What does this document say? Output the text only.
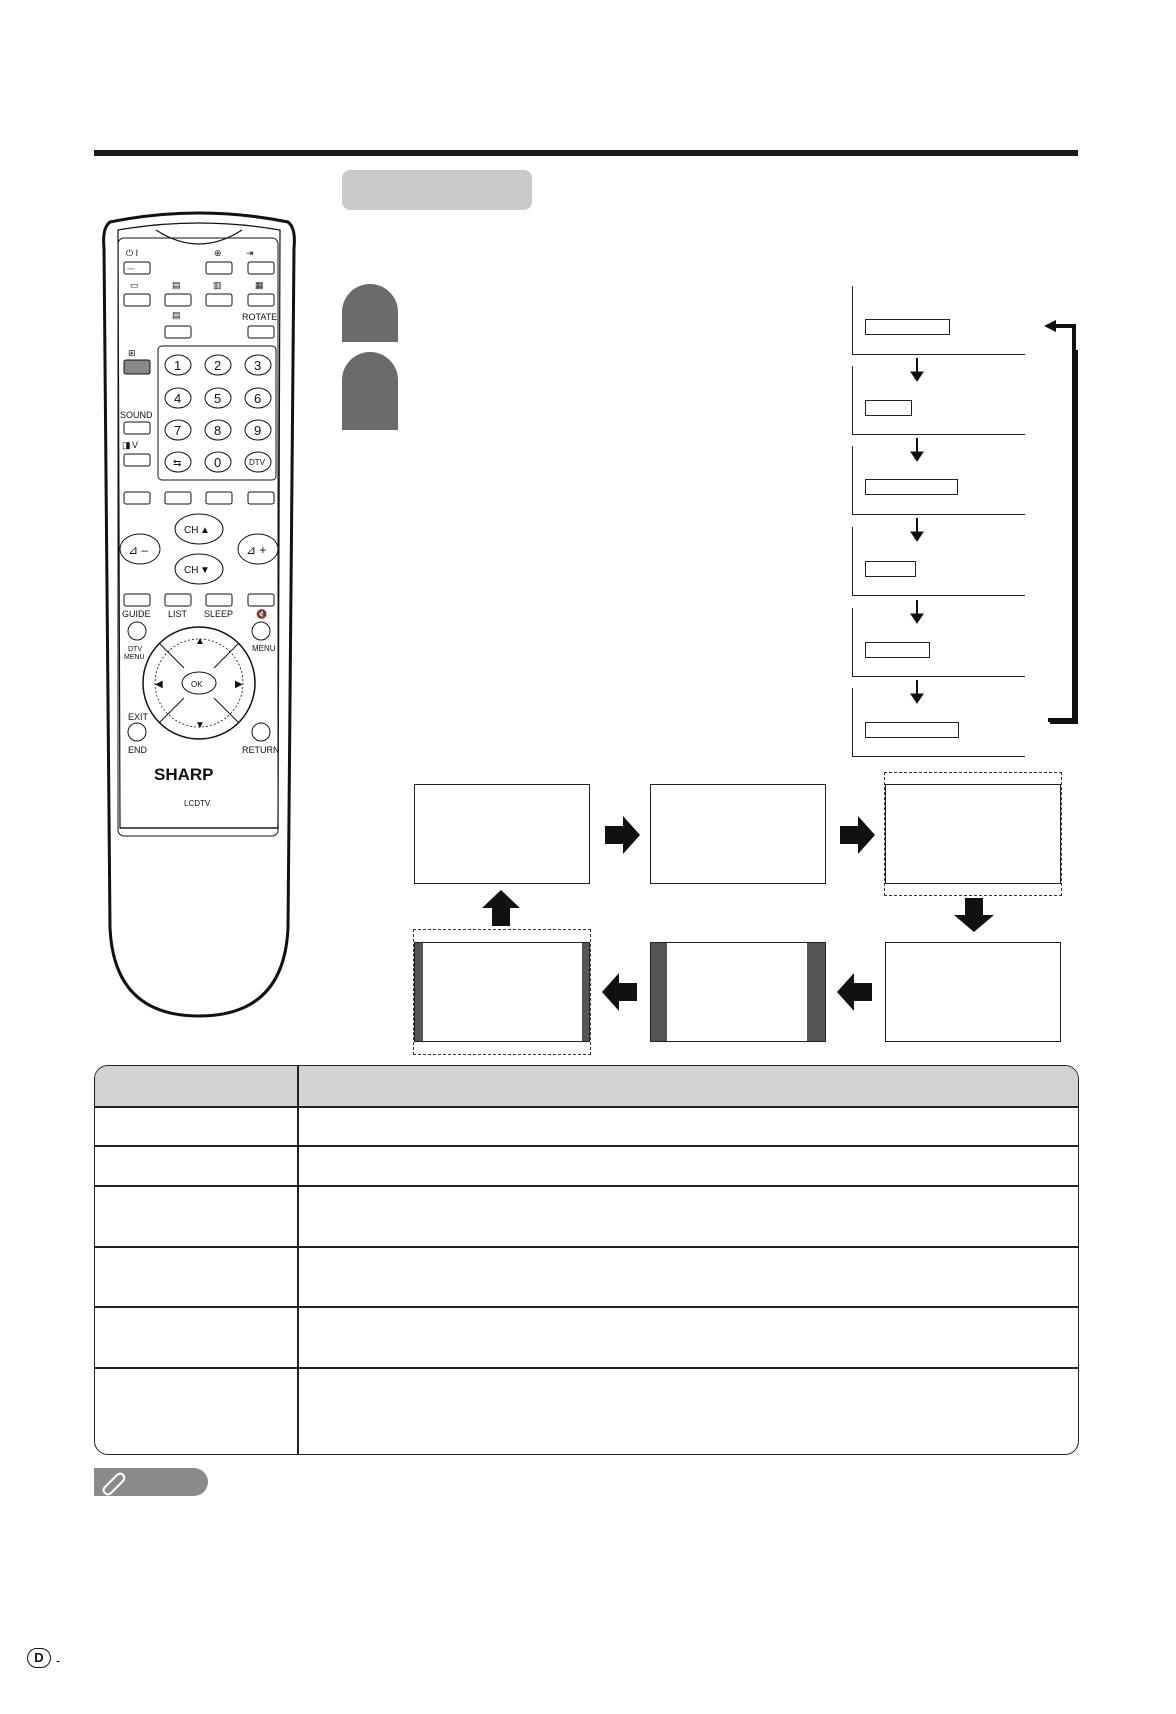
⏻ I
◦◦◦
⊕	⇥
▭	▤	▥	▦
▤	ROTATE
⊞
1	2	3
4	5	6
7	8	9
⇆	0	DTV
SOUND
◨ V
CH ▲
CH ▼
⊿ –	⊿ +
GUIDE LIST SLEEP	🔇
DTV
MENU
MENU
OK
▲
▼
◀	▶
EXIT
END	RETURN
SHARP
LCDTV
D -
